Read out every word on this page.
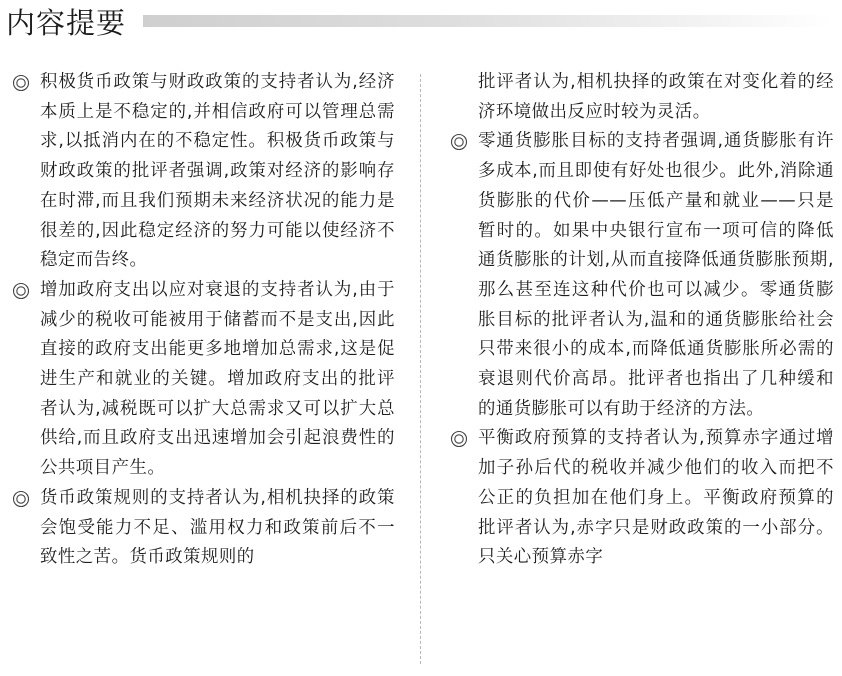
内容提要
积极货币政策与财政政策的支持者认为,经济本质上是不稳定的,并相信政府可以管理总需求,以抵消内在的不稳定性。积极货币政策与财政政策的批评者强调,政策对经济的影响存在时滞,而且我们预期未来经济状况的能力是很差的,因此稳定经济的努力可能以使经济不稳定而告终。
增加政府支出以应对衰退的支持者认为,由于减少的税收可能被用于储蓄而不是支出,因此直接的政府支出能更多地增加总需求,这是促进生产和就业的关键。增加政府支出的批评者认为,减税既可以扩大总需求又可以扩大总供给,而且政府支出迅速增加会引起浪费性的公共项目产生。
货币政策规则的支持者认为,相机抉择的政策会饱受能力不足、滥用权力和政策前后不一致性之苦。货币政策规则的
批评者认为,相机抉择的政策在对变化着的经济环境做出反应时较为灵活。
零通货膨胀目标的支持者强调,通货膨胀有许多成本,而且即使有好处也很少。此外,消除通货膨胀的代价——压低产量和就业——只是暂时的。如果中央银行宣布一项可信的降低通货膨胀的计划,从而直接降低通货膨胀预期,那么甚至连这种代价也可以减少。零通货膨胀目标的批评者认为,温和的通货膨胀给社会只带来很小的成本,而降低通货膨胀所必需的衰退则代价高昂。批评者也指出了几种缓和的通货膨胀可以有助于经济的方法。
平衡政府预算的支持者认为,预算赤字通过增加子孙后代的税收并减少他们的收入而把不公正的负担加在他们身上。平衡政府预算的批评者认为,赤字只是财政政策的一小部分。只关心预算赤字
